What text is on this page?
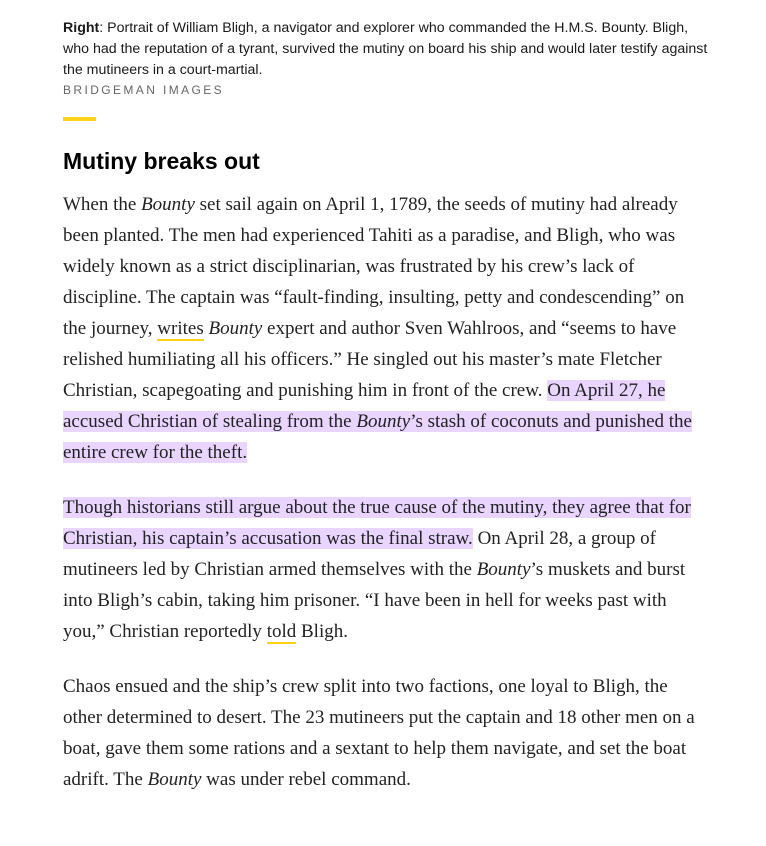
Right: Portrait of William Bligh, a navigator and explorer who commanded the H.M.S. Bounty. Bligh, who had the reputation of a tyrant, survived the mutiny on board his ship and would later testify against the mutineers in a court-martial.

BRIDGEMAN IMAGES
Mutiny breaks out

When the Bounty set sail again on April 1, 1789, the seeds of mutiny had already been planted. The men had experienced Tahiti as a paradise, and Bligh, who was widely known as a strict disciplinarian, was frustrated by his crew’s lack of discipline. The captain was “fault-finding, insulting, petty and condescending” on the journey, writes Bounty expert and author Sven Wahlroos, and “seems to have relished humiliating all his officers.” He singled out his master’s mate Fletcher Christian, scapegoating and punishing him in front of the crew. On April 27, he accused Christian of stealing from the Bounty’s stash of coconuts and punished the entire crew for the theft.

Though historians still argue about the true cause of the mutiny, they agree that for Christian, his captain’s accusation was the final straw. On April 28, a group of mutineers led by Christian armed themselves with the Bounty’s muskets and burst into Bligh’s cabin, taking him prisoner. “I have been in hell for weeks past with you,” Christian reportedly told Bligh.

Chaos ensued and the ship’s crew split into two factions, one loyal to Bligh, the other determined to desert. The 23 mutineers put the captain and 18 other men on a boat, gave them some rations and a sextant to help them navigate, and set the boat adrift. The Bounty was under rebel command.
